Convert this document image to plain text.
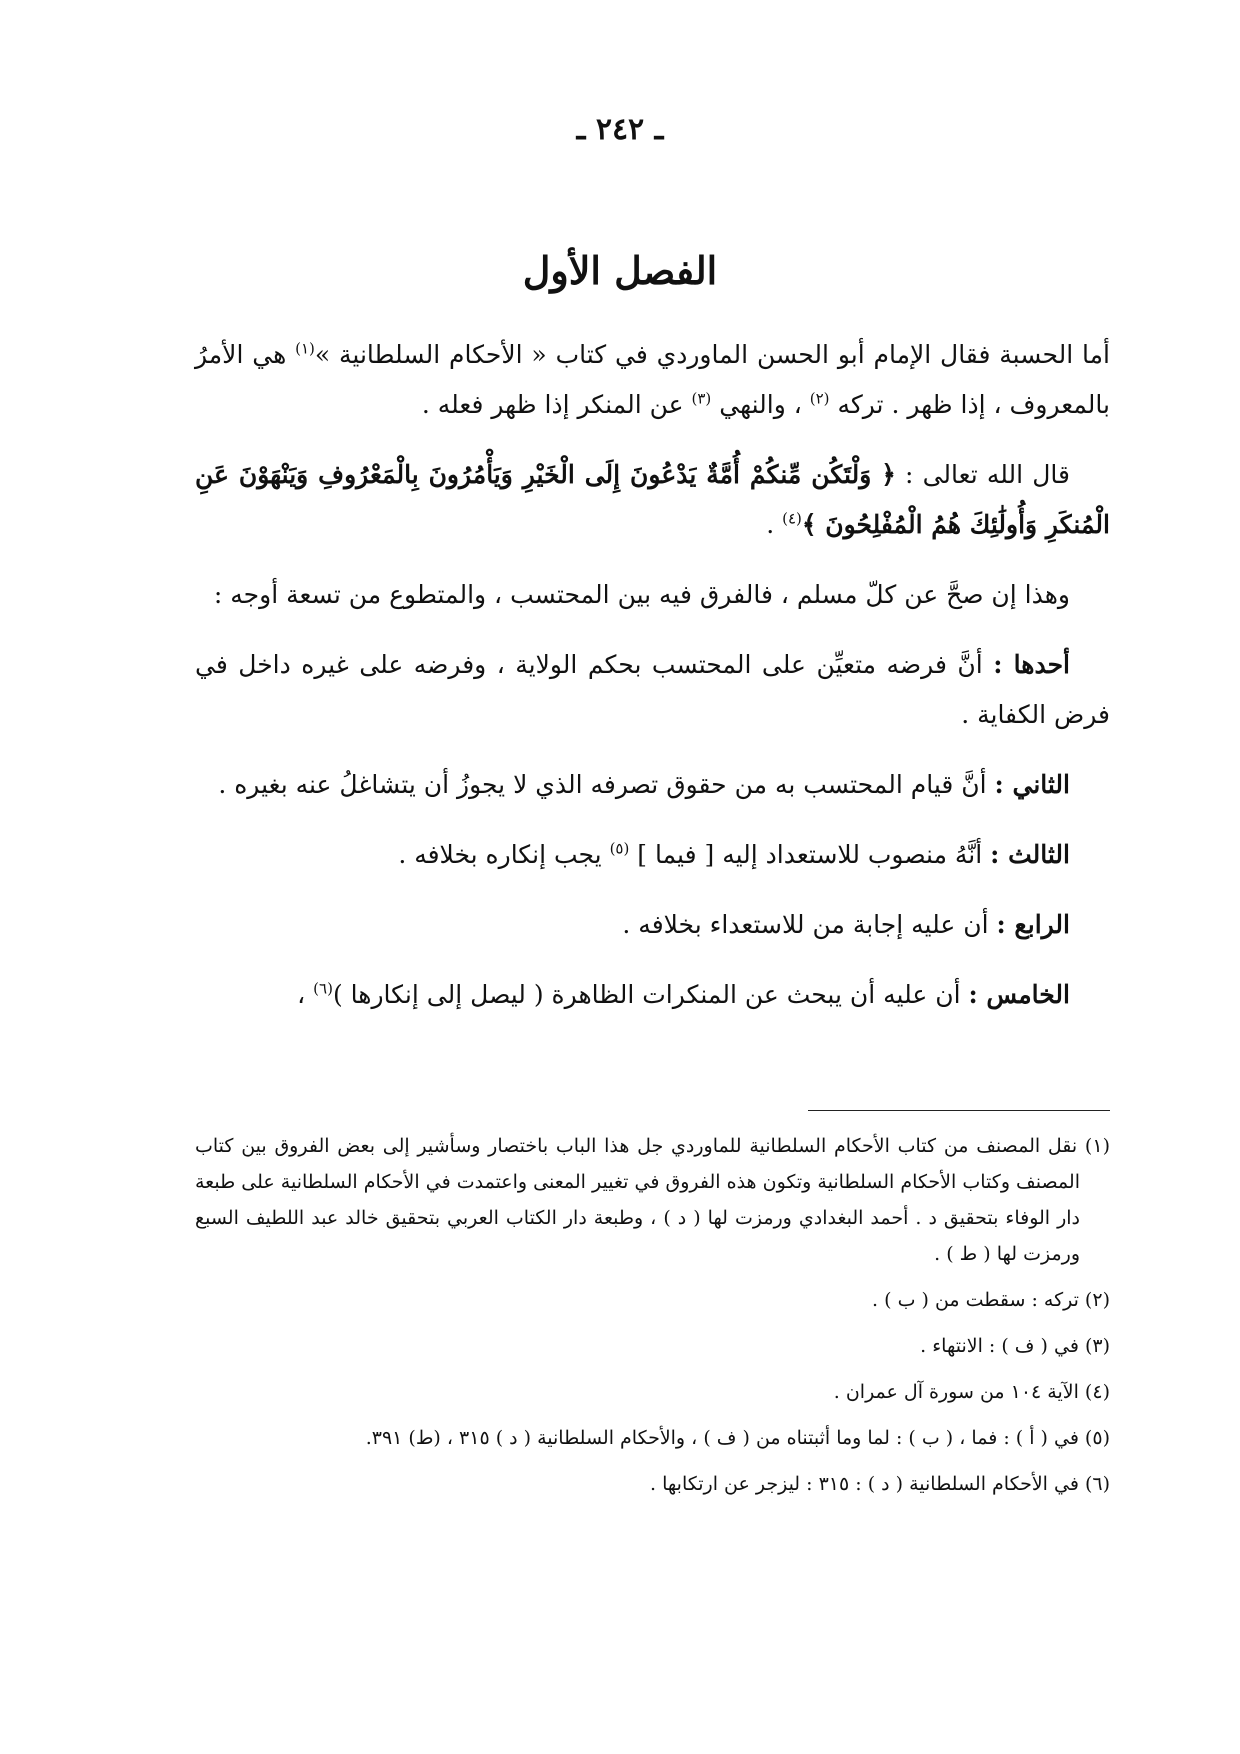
ـ ٢٤٢ ـ
الفصل الأول

أما الحسبة فقال الإمام أبو الحسن الماوردي في كتاب « الأحكام السلطانية »$^{(١)}$ هي الأمرُ بالمعروف ، إذا ظهر . تركه $^{(٢)}$ ، والنهي $^{(٣)}$ عن المنكر إذا ظهر فعله .

قال الله تعالى : ﴿ وَلْتَكُن مِّنكُمْ أُمَّةٌ يَدْعُونَ إِلَى الْخَيْرِ وَيَأْمُرُونَ بِالْمَعْرُوفِ وَيَنْهَوْنَ عَنِ الْمُنكَرِ وَأُولَٰئِكَ هُمُ الْمُفْلِحُونَ ﴾$^{(٤)}$ .

وهذا إن صحَّ عن كلّ مسلم ، فالفرق فيه بين المحتسب ، والمتطوع من تسعة أوجه :

أحدها : أنَّ فرضه متعيِّن على المحتسب بحكم الولاية ، وفرضه على غيره داخل في فرض الكفاية .

الثاني : أنَّ قيام المحتسب به من حقوق تصرفه الذي لا يجوزُ أن يتشاغلُ عنه بغيره .

الثالث : أنَّهُ منصوب للاستعداد إليه [ فيما ] $^{(٥)}$ يجب إنكاره بخلافه .

الرابع : أن عليه إجابة من للاستعداء بخلافه .

الخامس : أن عليه أن يبحث عن المنكرات الظاهرة ( ليصل إلى إنكارها )$^{(٦)}$ ،

(١) نقل المصنف من كتاب الأحكام السلطانية للماوردي جل هذا الباب باختصار وسأشير إلى بعض الفروق بين كتاب المصنف وكتاب الأحكام السلطانية وتكون هذه الفروق في تغيير المعنى واعتمدت في الأحكام السلطانية على طبعة دار الوفاء بتحقيق د . أحمد البغدادي ورمزت لها ( د ) ، وطبعة دار الكتاب العربي بتحقيق خالد عبد اللطيف السبع ورمزت لها ( ط ) .
(٢) تركه : سقطت من ( ب ) .
(٣) في ( ف ) : الانتهاء .
(٤) الآية ١٠٤ من سورة آل عمران .
(٥) في ( أ ) : فما ، ( ب ) : لما وما أثبتناه من ( ف ) ، والأحكام السلطانية ( د ) ٣١٥ ، (ط) ٣٩١.
(٦) في الأحكام السلطانية ( د ) : ٣١٥ : ليزجر عن ارتكابها .
